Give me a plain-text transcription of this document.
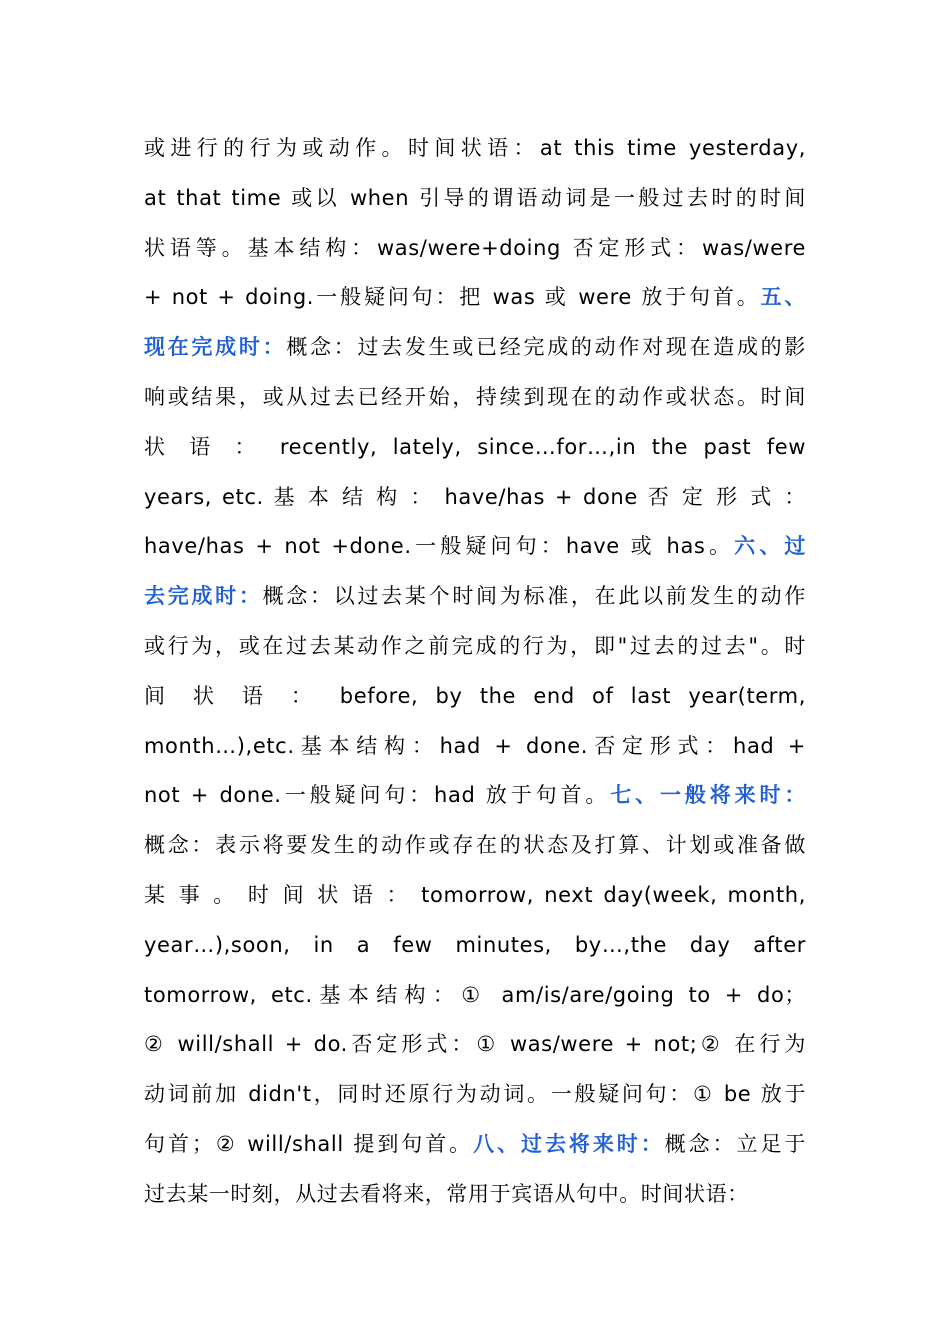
或进行的行为或动作。时间状语：at this time yesterday,
at that time 或以 when 引导的谓语动词是一般过去时的时间
状语等。基本结构：was/were+doing 否定形式：was/were
+ not + doing.一般疑问句：把 was 或 were 放于句首。五、
现在完成时：概念：过去发生或已经完成的动作对现在造成的影
响或结果，或从过去已经开始，持续到现在的动作或状态。时间
状 语 ： recently, lately, since…for…,in the past few
years, etc. 基 本 结 构 ： have/has + done 否 定 形 式 ：
have/has + not +done.一般疑问句：have 或 has。六、过
去完成时：概念：以过去某个时间为标准，在此以前发生的动作
或行为，或在过去某动作之前完成的行为，即"过去的过去"。时
间 状 语 ： before, by the end of last year(term,
month…),etc.基本结构：had + done.否定形式：had +
not + done.一般疑问句：had 放于句首。七、一般将来时：
概念：表示将要发生的动作或存在的状态及打算、计划或准备做
某 事 。 时 间 状 语 ： tomorrow, next day(week, month,
year…),soon, in a few minutes, by…,the day after
tomorrow, etc.基本结构：① am/is/are/going to + do；
② will/shall + do.否定形式：① was/were + not;② 在行为
动词前加 didn't，同时还原行为动词。一般疑问句：① be 放于
句首；② will/shall 提到句首。八、过去将来时：概念：立足于
过去某一时刻，从过去看将来，常用于宾语从句中。时间状语：
